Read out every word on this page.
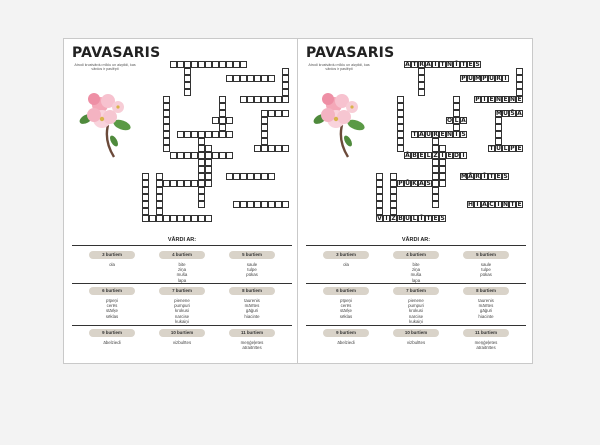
PAVASARIS
Atrodi krustvārdu mīklu un aizpildi, kas vārdos ir paslēpti
VĀRDI AR:
3 burtiem
ola
4 burtiem
bite
ziņa
muša
lapa
5 burtiem
saule
tulpe
pūkas
6 burtiem
pīpeņi
cerēs
stārķe
sēklas
7 burtiem
pienene
pumpuri
krokusi
narcise
kukaiņi
8 burtiem
taurenis
mārītes
gāģuri
hiacinte
9 burtiem
ābelziedi
10 burtiem
vizbulītes
11 burtiem
meņģeļetes
atraitnītes
PAVASARIS
Atrodi krustvārdu mīklu un aizpildi, kas vārdos ir paslēpti
A T R A I T N Ī T E S
P U M P U R I
P I E N E N E
M U Š A
O L A
T A U R E N I S
T U L P E
Ā B E L Z I E D I
M Ā R Ī T E S
P Ū K A S
H I A C I N T E
V I Z B U L Ī T E S
VĀRDI AR:
3 burtiem
ola
4 burtiem
bite
ziņa
muša
lapa
5 burtiem
saule
tulpe
pūkas
6 burtiem
pīpeņi
cerēs
stārķe
sēklas
7 burtiem
pienene
pumpuri
krokusi
narcise
kukaiņi
8 burtiem
taurenis
mārītes
gāģuri
hiacinte
9 burtiem
ābelziedi
10 burtiem
vizbulītes
11 burtiem
meņģeļetes
atraitnītes
